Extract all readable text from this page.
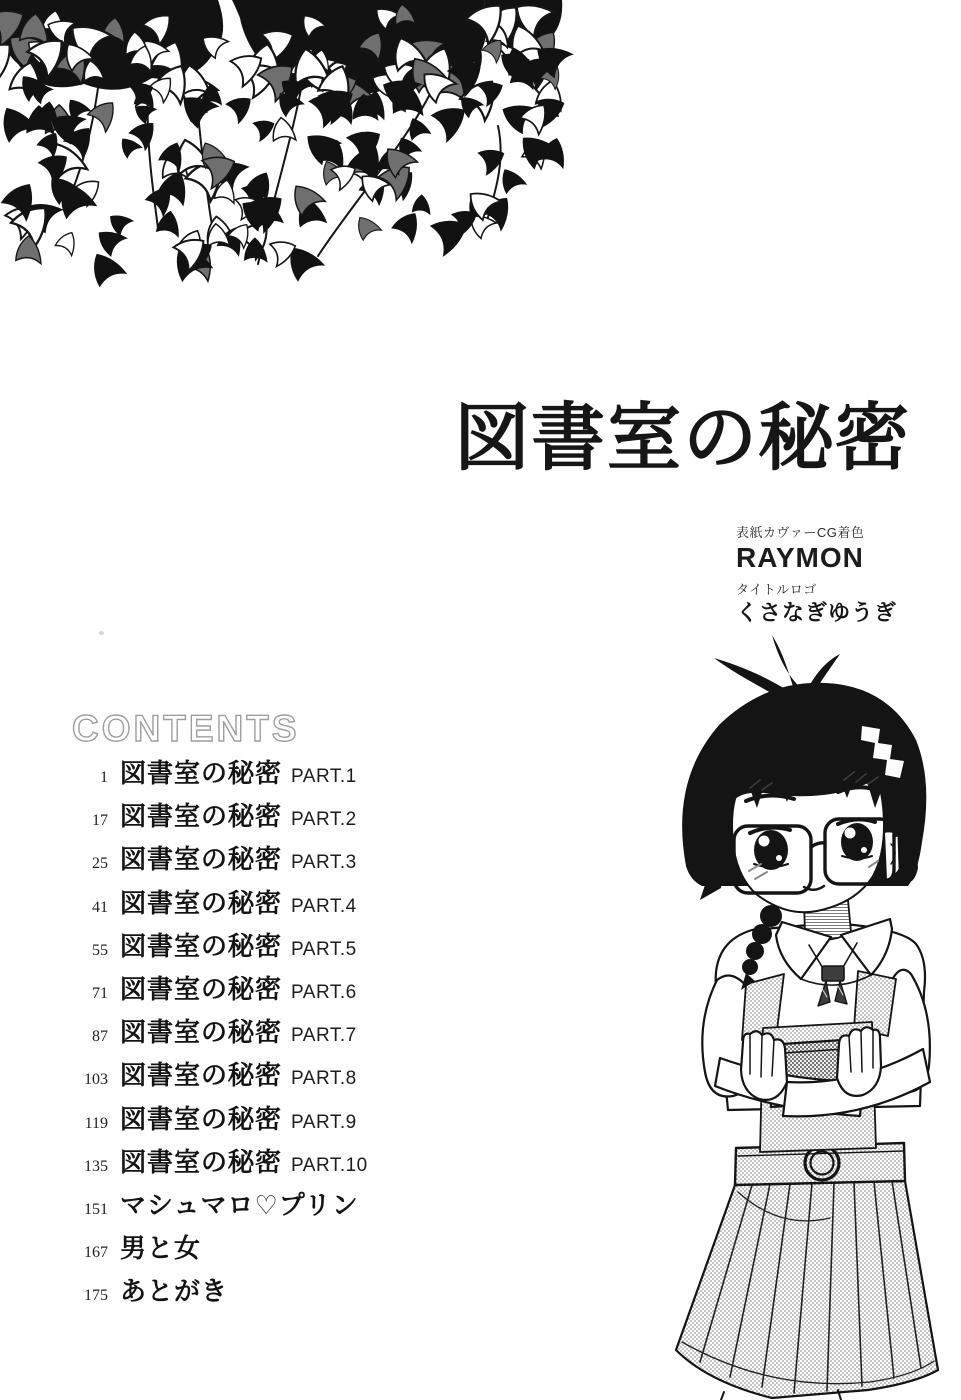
図書室の秘密
表紙カヴァーCG着色
RAYMON
タイトルロゴ
くさなぎゆうぎ
CONTENTS
1 図書室の秘密 PART.1
17 図書室の秘密 PART.2
25 図書室の秘密 PART.3
41 図書室の秘密 PART.4
55 図書室の秘密 PART.5
71 図書室の秘密 PART.6
87 図書室の秘密 PART.7
103 図書室の秘密 PART.8
119 図書室の秘密 PART.9
135 図書室の秘密 PART.10
151 マシュマロ♡プリン
167 男と女
175 あとがき
